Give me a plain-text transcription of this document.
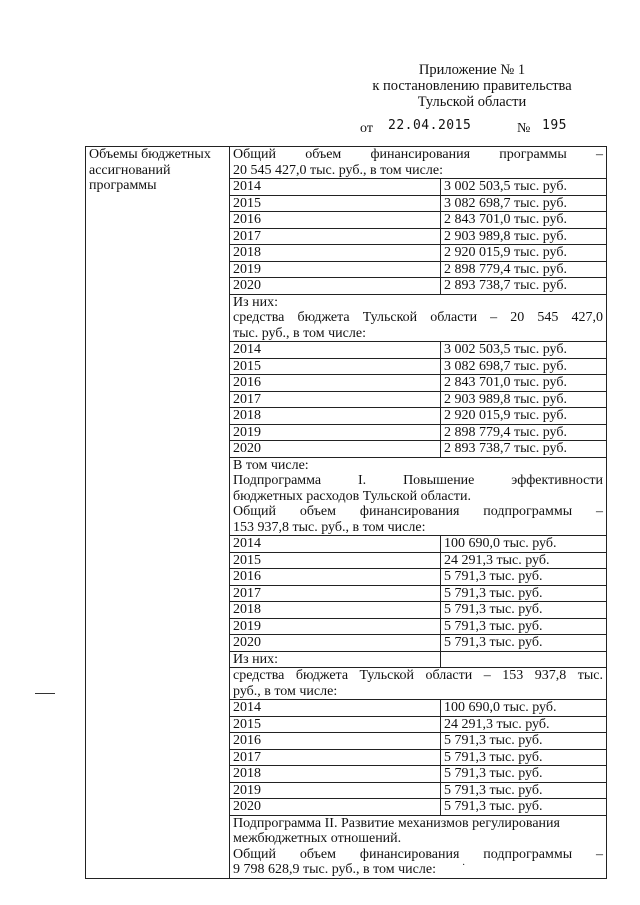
Приложение № 1
к постановлению правительства
Тульской области
от 22.04.2015	№ 195
·
Объемы бюджетных ассигнований программы	Общий объем финансирования программы –
20 545 427,0 тыс. руб., в том числе:	

	2014	3 002 503,5 тыс. руб.
	2015	3 082 698,7 тыс. руб.
	2016	2 843 701,0 тыс. руб.
	2017	2 903 989,8 тыс. руб.
	2018	2 920 015,9 тыс. руб.
	2019	2 898 779,4 тыс. руб.
	2020	2 893 738,7 тыс. руб.

	Из них:
средства бюджета Тульской области – 20 545 427,0
тыс. руб., в том числе:	

	2014	3 002 503,5 тыс. руб.
	2015	3 082 698,7 тыс. руб.
	2016	2 843 701,0 тыс. руб.
	2017	2 903 989,8 тыс. руб.
	2018	2 920 015,9 тыс. руб.
	2019	2 898 779,4 тыс. руб.
	2020	2 893 738,7 тыс. руб.

	В том числе:
Подпрограмма I. Повышение эффективности
бюджетных расходов Тульской области.
Общий объем финансирования подпрограммы –
153 937,8 тыс. руб., в том числе:	

	2014	100 690,0 тыс. руб.
	2015	24 291,3 тыс. руб.
	2016	5 791,3 тыс. руб.
	2017	5 791,3 тыс. руб.
	2018	5 791,3 тыс. руб.
	2019	5 791,3 тыс. руб.
	2020	5 791,3 тыс. руб.
	Из них:	

	средства бюджета Тульской области – 153 937,8 тыс.
руб., в том числе:	

	2014	100 690,0 тыс. руб.
	2015	24 291,3 тыс. руб.
	2016	5 791,3 тыс. руб.
	2017	5 791,3 тыс. руб.
	2018	5 791,3 тыс. руб.
	2019	5 791,3 тыс. руб.
	2020	5 791,3 тыс. руб.

	Подпрограмма II. Развитие механизмов регулирования
межбюджетных отношений.
Общий объем финансирования подпрограммы –
9 798 628,9 тыс. руб., в том числе:	
